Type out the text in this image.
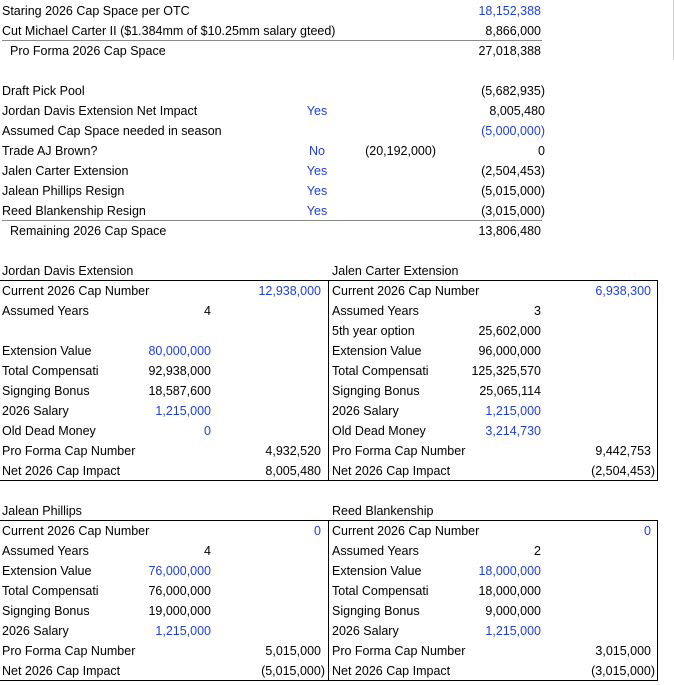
Staring 2026 Cap Space per OTC	18,152,388
Cut Michael Carter II ($1.384mm of $10.25mm salary gteed)	8,866,000
Pro Forma 2026 Cap Space	27,018,388
Draft Pick Pool	(5,682,935)
Jordan Davis Extension Net Impact	Yes	8,005,480
Assumed Cap Space needed in season	(5,000,000)
Trade AJ Brown?	No	(20,192,000)	0
Jalen Carter Extension	Yes	(2,504,453)
Jalean Phillips Resign	Yes	(5,015,000)
Reed Blankenship Resign	Yes	(3,015,000)
Remaining 2026 Cap Space	13,806,480
Jordan Davis Extension
Current 2026 Cap Number	12,938,000
Assumed Years	4
Extension Value	80,000,000
Total Compensati	92,938,000
Signging Bonus	18,587,600
2026 Salary	1,215,000
Old Dead Money	0
Pro Forma Cap Number	4,932,520
Net 2026 Cap Impact	8,005,480
Jalen Carter Extension
Current 2026 Cap Number	6,938,300
Assumed Years	3
5th year option	25,602,000
Extension Value	96,000,000
Total Compensati	125,325,570
Signging Bonus	25,065,114
2026 Salary	1,215,000
Old Dead Money	3,214,730
Pro Forma Cap Number	9,442,753
Net 2026 Cap Impact	(2,504,453)
Jalean Phillips
Current 2026 Cap Number	0
Assumed Years	4
Extension Value	76,000,000
Total Compensati	76,000,000
Signging Bonus	19,000,000
2026 Salary	1,215,000
Pro Forma Cap Number	5,015,000
Net 2026 Cap Impact	(5,015,000)
Reed Blankenship
Current 2026 Cap Number	0
Assumed Years	2
Extension Value	18,000,000
Total Compensati	18,000,000
Signging Bonus	9,000,000
2026 Salary	1,215,000
Pro Forma Cap Number	3,015,000
Net 2026 Cap Impact	(3,015,000)
